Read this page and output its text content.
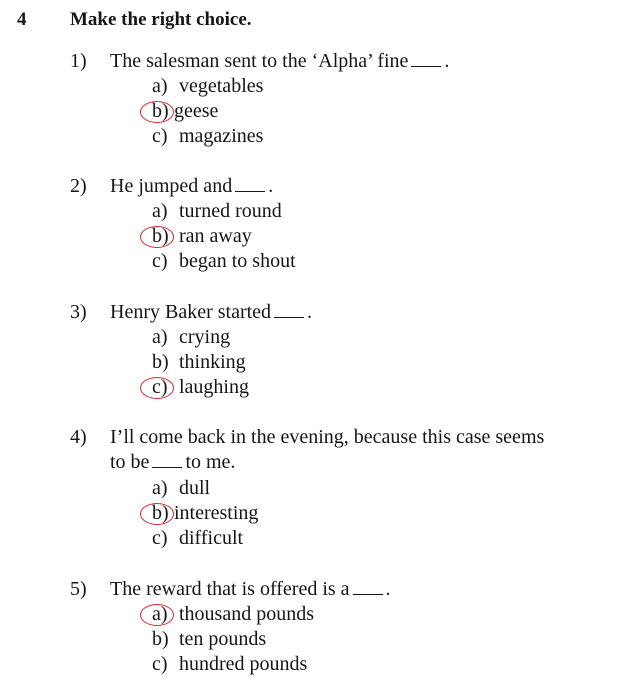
4 Make the right choice.
1) The salesman sent to the ‘Alpha’ fine .
a) vegetables
b) geese
c) magazines
2) He jumped and .
a) turned round
b) ran away
c) began to shout
3) Henry Baker started .
a) crying
b) thinking
c) laughing
4) I’ll come back in the evening, because this case seems
to be to me.
a) dull
b) interesting
c) difficult
5) The reward that is offered is a .
a) thousand pounds
b) ten pounds
c) hundred pounds
